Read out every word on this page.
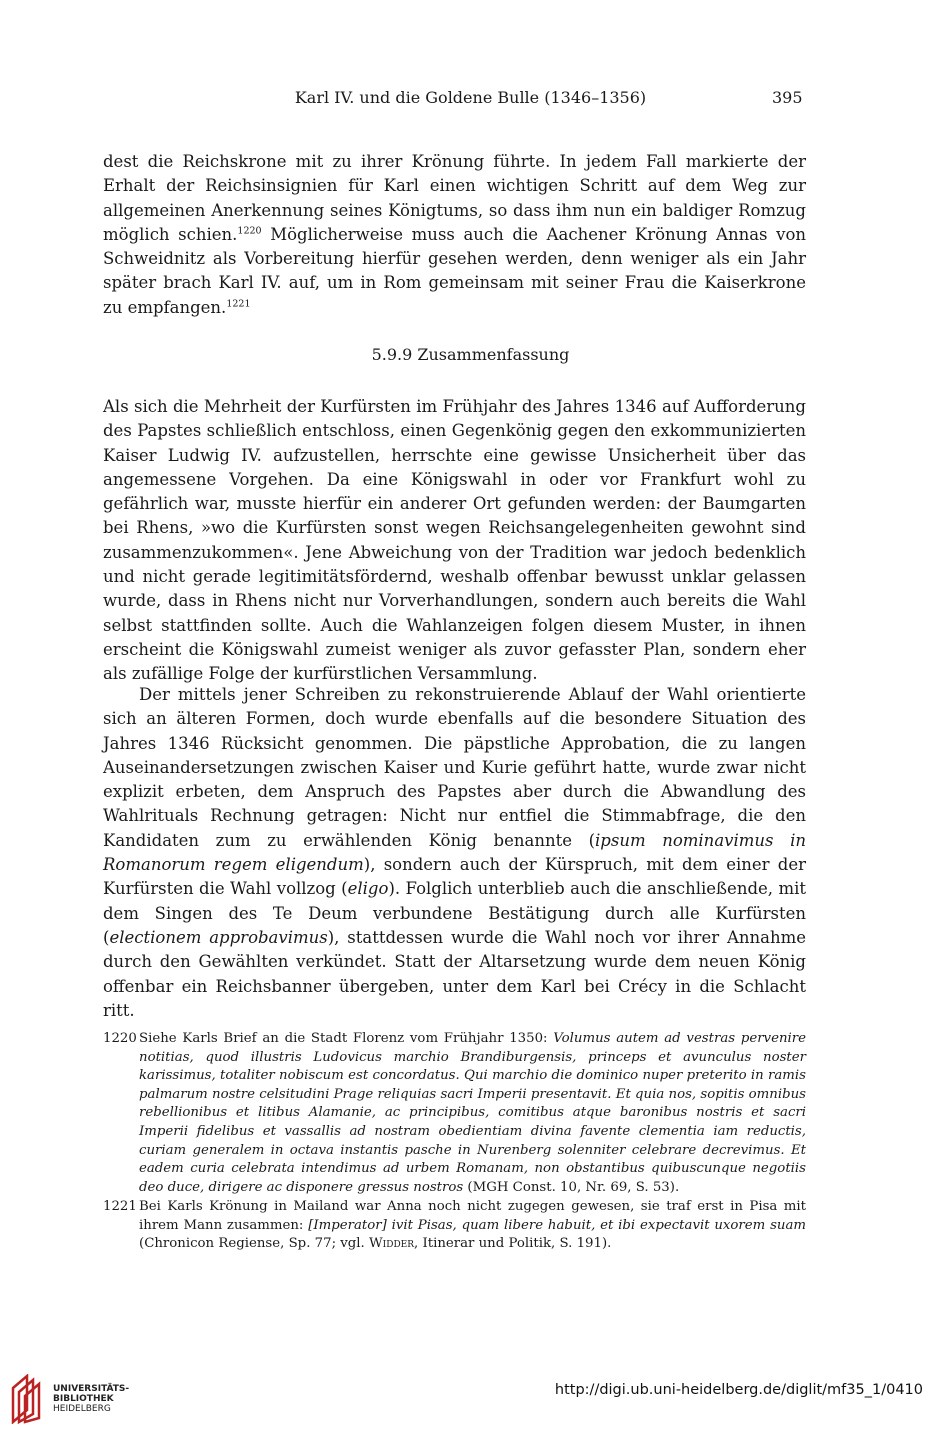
Karl IV. und die Goldene Bulle (1346–1356)	395

dest die Reichskrone mit zu ihrer Krönung führte. In jedem Fall markierte der Erhalt der Reichsinsignien für Karl einen wichtigen Schritt auf dem Weg zur allgemeinen Anerkennung seines Königtums, so dass ihm nun ein baldiger Romzug möglich schien.$^{1220}$ Möglicherweise muss auch die Aachener Krönung Annas von Schweidnitz als Vorbereitung hierfür gesehen werden, denn weniger als ein Jahr später brach Karl IV. auf, um in Rom gemeinsam mit seiner Frau die Kaiserkrone zu empfangen.$^{1221}$

5.9.9 Zusammenfassung

Als sich die Mehrheit der Kurfürsten im Frühjahr des Jahres 1346 auf Aufforderung des Papstes schließlich entschloss, einen Gegenkönig gegen den exkommunizierten Kaiser Ludwig IV. aufzustellen, herrschte eine gewisse Unsicherheit über das angemessene Vorgehen. Da eine Königswahl in oder vor Frankfurt wohl zu gefährlich war, musste hierfür ein anderer Ort gefunden werden: der Baumgarten bei Rhens, »wo die Kurfürsten sonst wegen Reichsangelegenheiten gewohnt sind zusammenzukommen«. Jene Abweichung von der Tradition war jedoch bedenklich und nicht gerade legitimitätsfördernd, weshalb offenbar bewusst unklar gelassen wurde, dass in Rhens nicht nur Vorverhandlungen, sondern auch bereits die Wahl selbst stattfinden sollte. Auch die Wahlanzeigen folgen diesem Muster, in ihnen erscheint die Königswahl zumeist weniger als zuvor gefasster Plan, sondern eher als zufällige Folge der kurfürstlichen Versammlung.

Der mittels jener Schreiben zu rekonstruierende Ablauf der Wahl orientierte sich an älteren Formen, doch wurde ebenfalls auf die besondere Situation des Jahres 1346 Rücksicht genommen. Die päpstliche Approbation, die zu langen Auseinandersetzungen zwischen Kaiser und Kurie geführt hatte, wurde zwar nicht explizit erbeten, dem Anspruch des Papstes aber durch die Abwandlung des Wahlrituals Rechnung getragen: Nicht nur entfiel die Stimmabfrage, die den Kandidaten zum zu erwählenden König benannte (ipsum nominavimus in Romanorum regem eligendum), sondern auch der Kürspruch, mit dem einer der Kurfürsten die Wahl vollzog (eligo). Folglich unterblieb auch die anschließende, mit dem Singen des Te Deum verbundene Bestätigung durch alle Kurfürsten (electionem approbavimus), stattdessen wurde die Wahl noch vor ihrer Annahme durch den Gewählten verkündet. Statt der Altarsetzung wurde dem neuen König offenbar ein Reichsbanner übergeben, unter dem Karl bei Crécy in die Schlacht ritt.

1220 Siehe Karls Brief an die Stadt Florenz vom Frühjahr 1350: Volumus autem ad vestras pervenire notitias, quod illustris Ludovicus marchio Brandiburgensis, princeps et avunculus noster karissimus, totaliter nobiscum est concordatus. Qui marchio die dominico nuper preterito in ramis palmarum nostre celsitudini Prage reliquias sacri Imperii presentavit. Et quia nos, sopitis omnibus rebellionibus et litibus Alamanie, ac principibus, comitibus atque baronibus nostris et sacri Imperii fidelibus et vassallis ad nostram obedientiam divina favente clementia iam reductis, curiam generalem in octava instantis pasche in Nurenberg solenniter celebrare decrevimus. Et eadem curia celebrata intendimus ad urbem Romanam, non obstantibus quibuscunque negotiis deo duce, dirigere ac disponere gressus nostros (MGH Const. 10, Nr. 69, S. 53).

1221 Bei Karls Krönung in Mailand war Anna noch nicht zugegen gewesen, sie traf erst in Pisa mit ihrem Mann zusammen: [Imperator] ivit Pisas, quam libere habuit, et ibi expectavit uxorem suam (Chronicon Regiense, Sp. 77; vgl. Widder, Itinerar und Politik, S. 191).

UNIVERSITÄTS-
BIBLIOTHEK
HEIDELBERG
http://digi.ub.uni-heidelberg.de/diglit/mf35_1/0410
